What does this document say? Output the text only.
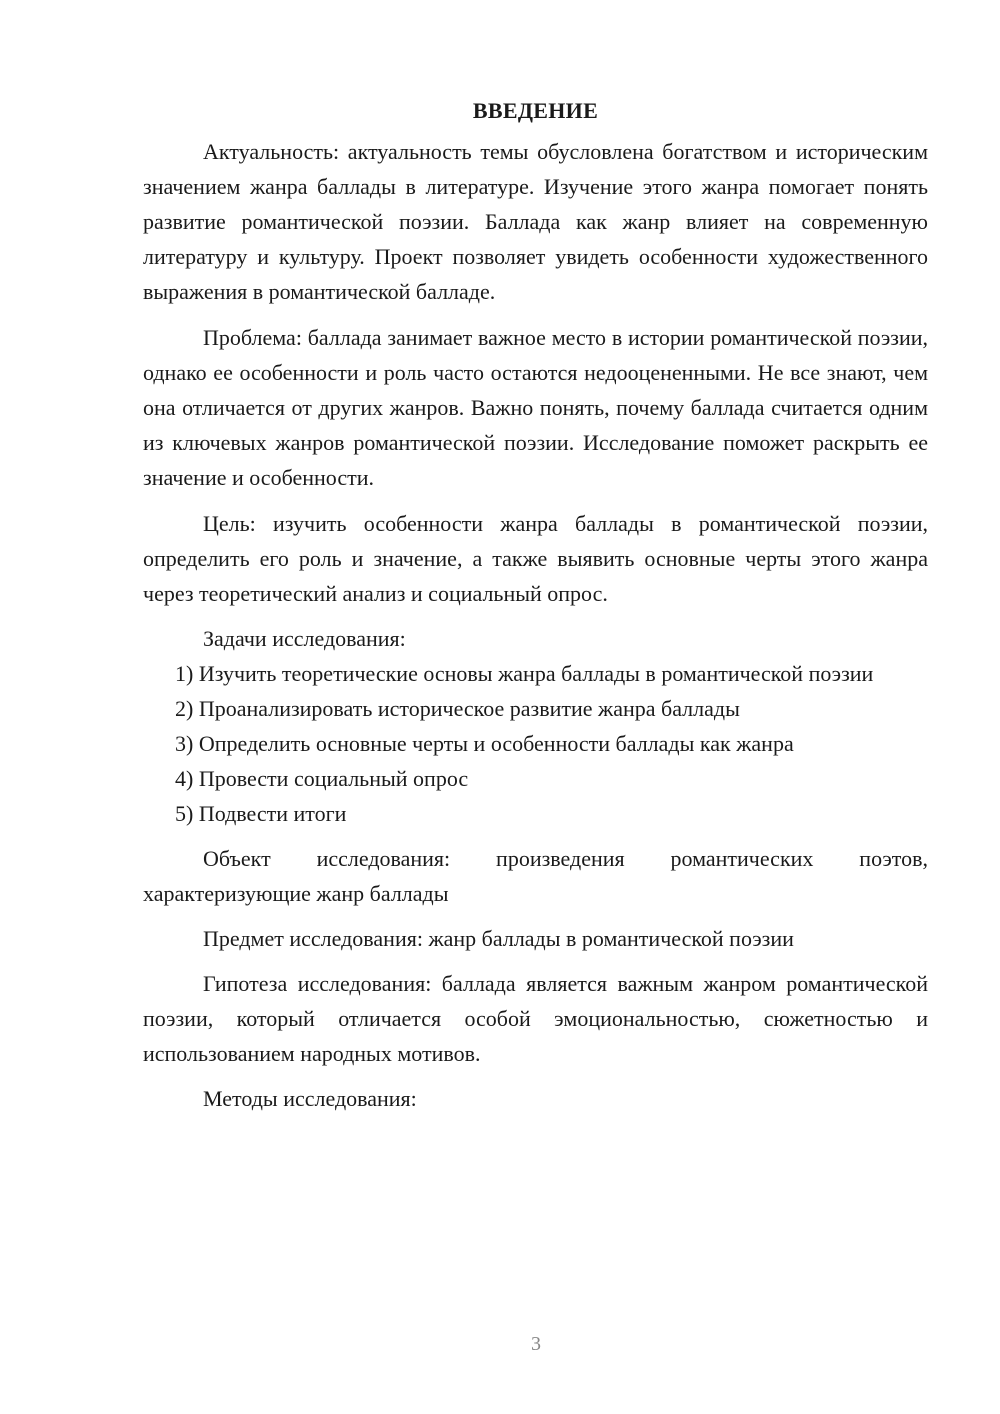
ВВЕДЕНИЕ

Актуальность: актуальность темы обусловлена богатством и историческим значением жанра баллады в литературе. Изучение этого жанра помогает понять развитие романтической поэзии. Баллада как жанр влияет на современную литературу и культуру. Проект позволяет увидеть особенности художественного выражения в романтической балладе.

Проблема: баллада занимает важное место в истории романтической поэзии, однако ее особенности и роль часто остаются недооцененными. Не все знают, чем она отличается от других жанров. Важно понять, почему баллада считается одним из ключевых жанров романтической поэзии. Исследование поможет раскрыть ее значение и особенности.

Цель: изучить особенности жанра баллады в романтической поэзии, определить его роль и значение, а также выявить основные черты этого жанра через теоретический анализ и социальный опрос.

Задачи исследования:

1) Изучить теоретические основы жанра баллады в романтической поэзии

2) Проанализировать историческое развитие жанра баллады

3) Определить основные черты и особенности баллады как жанра

4) Провести социальный опрос

5) Подвести итоги

Объект исследования: произведения романтических поэтов, характеризующие жанр баллады

Предмет исследования: жанр баллады в романтической поэзии

Гипотеза исследования: баллада является важным жанром романтической поэзии, который отличается особой эмоциональностью, сюжетностью и использованием народных мотивов.

Методы исследования:

3
